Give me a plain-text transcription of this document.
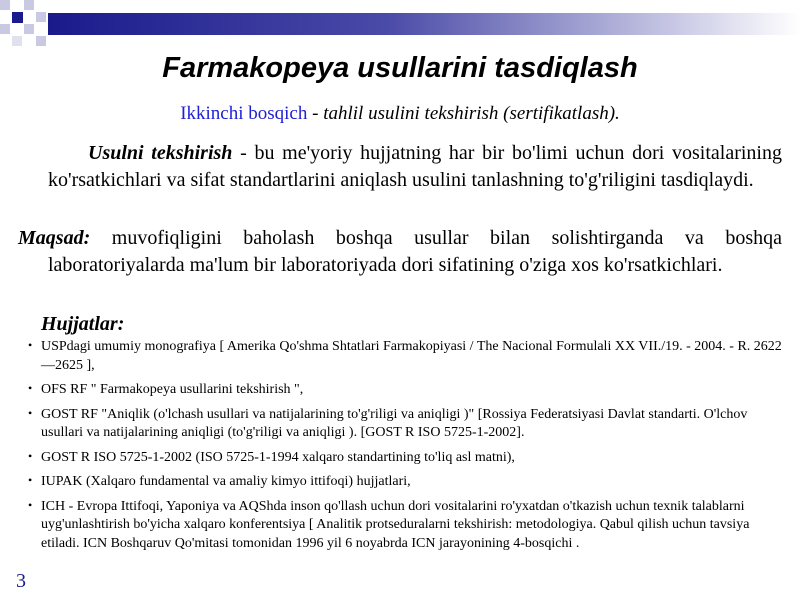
Farmakopeya usullarini tasdiqlash
Ikkinchi bosqich - tahlil usulini tekshirish (sertifikatlash).
Usulni tekshirish - bu me'yoriy hujjatning har bir bo'limi uchun dori vositalarining ko'rsatkichlari va sifat standartlarini aniqlash usulini tanlashning to'g'riligini tasdiqlaydi.
Maqsad: muvofiqligini baholash boshqa usullar bilan solishtirganda va boshqa laboratoriyalarda ma'lum bir laboratoriyada dori sifatining o'ziga xos ko'rsatkichlari.
Hujjatlar:
• USPdagi umumiy monografiya [ Amerika Qo'shma Shtatlari Farmakopiyasi / The Nacional Formulali XX VII./19. - 2004. - R. 2622—2625 ],
• OFS RF " Farmakopeya usullarini tekshirish ",
• GOST RF "Aniqlik (o'lchash usullari va natijalarining to'g'riligi va aniqligi )" [Rossiya Federatsiyasi Davlat standarti. O'lchov usullari va natijalarining aniqligi (to'g'riligi va aniqligi ). [GOST R ISO 5725-1-2002].
• GOST R ISO 5725-1-2002 (ISO 5725-1-1994 xalqaro standartining to'liq asl matni),
• IUPAK (Xalqaro fundamental va amaliy kimyo ittifoqi) hujjatlari,
• ICH - Evropa Ittifoqi, Yaponiya va AQShda inson qo'llash uchun dori vositalarini ro'yxatdan o'tkazish uchun texnik talablarni uyg'unlashtirish bo'yicha xalqaro konferentsiya [ Analitik protseduralarni tekshirish: metodologiya. Qabul qilish uchun tavsiya etiladi. ICN Boshqaruv Qo'mitasi tomonidan 1996 yil 6 noyabrda ICN jarayonining 4-bosqichi .
3
